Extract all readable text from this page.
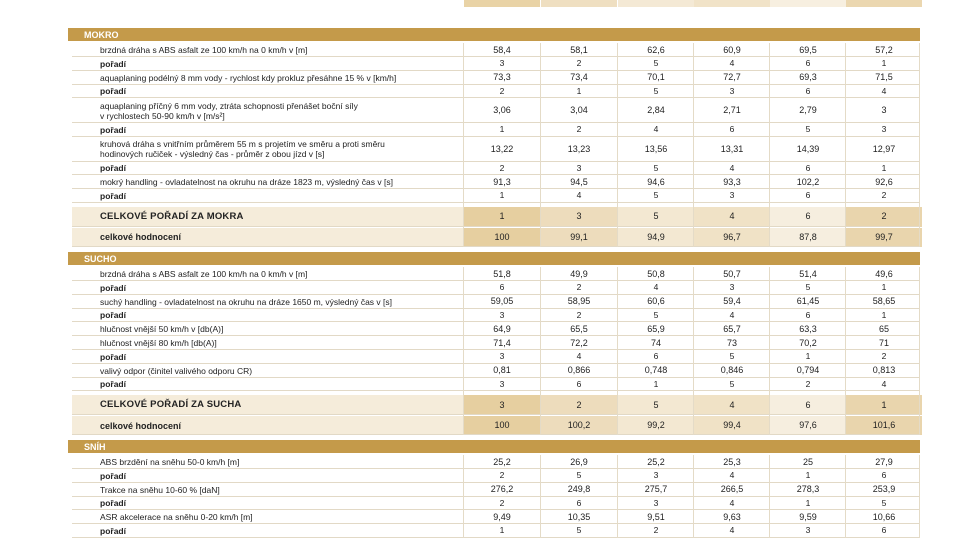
MOKRO
brzdná dráha s ABS asfalt ze 100 km/h na 0 km/h v [m]	58,4	58,1	62,6	60,9	69,5	57,2
pořadí	3	2	5	4	6	1
aquaplaning podélný 8 mm vody - rychlost kdy prokluz přesáhne 15 % v [km/h]	73,3	73,4	70,1	72,7	69,3	71,5
pořadí	2	1	5	3	6	4
aquaplaning příčný 6 mm vody, ztráta schopnosti přenášet boční síly
v rychlostech 50-90 km/h v [m/s²]
3,06	3,04	2,84	2,71	2,79	3
pořadí	1	2	4	6	5	3
kruhová dráha s vnitřním průměrem 55 m s projetím ve směru a proti směru
hodinových ručiček - výsledný čas - průměr z obou jízd v [s]
13,22	13,23	13,56	13,31	14,39	12,97
pořadí	2	3	5	4	6	1
mokrý handling - ovladatelnost na okruhu na dráze 1823 m, výsledný čas v [s]	91,3	94,5	94,6	93,3	102,2	92,6
pořadí	1	4	5	3	6	2
CELKOVÉ POŘADÍ ZA MOKRA	1	3	5	4	6	2
celkové hodnocení	100	99,1	94,9	96,7	87,8	99,7
SUCHO
brzdná dráha s ABS asfalt ze 100 km/h na 0 km/h v [m]	51,8	49,9	50,8	50,7	51,4	49,6
pořadí	6	2	4	3	5	1
suchý handling - ovladatelnost na okruhu na dráze 1650 m, výsledný čas v [s]	59,05	58,95	60,6	59,4	61,45	58,65
pořadí	3	2	5	4	6	1
hlučnost vnější 50 km/h v [db(A)]	64,9	65,5	65,9	65,7	63,3	65
hlučnost vnější 80 km/h [db(A)]	71,4	72,2	74	73	70,2	71
pořadí	3	4	6	5	1	2
valivý odpor (činitel valivého odporu CR)	0,81	0,866	0,748	0,846	0,794	0,813
pořadí	3	6	1	5	2	4
CELKOVÉ POŘADÍ ZA SUCHA	3	2	5	4	6	1
celkové hodnocení	100	100,2	99,2	99,4	97,6	101,6
SNÍH
ABS brzdění na sněhu 50-0 km/h [m]	25,2	26,9	25,2	25,3	25	27,9
pořadí	2	5	3	4	1	6
Trakce na sněhu 10-60 % [daN]	276,2	249,8	275,7	266,5	278,3	253,9
pořadí	2	6	3	4	1	5
ASR akcelerace na sněhu 0-20 km/h [m]	9,49	10,35	9,51	9,63	9,59	10,66
pořadí	1	5	2	4	3	6
